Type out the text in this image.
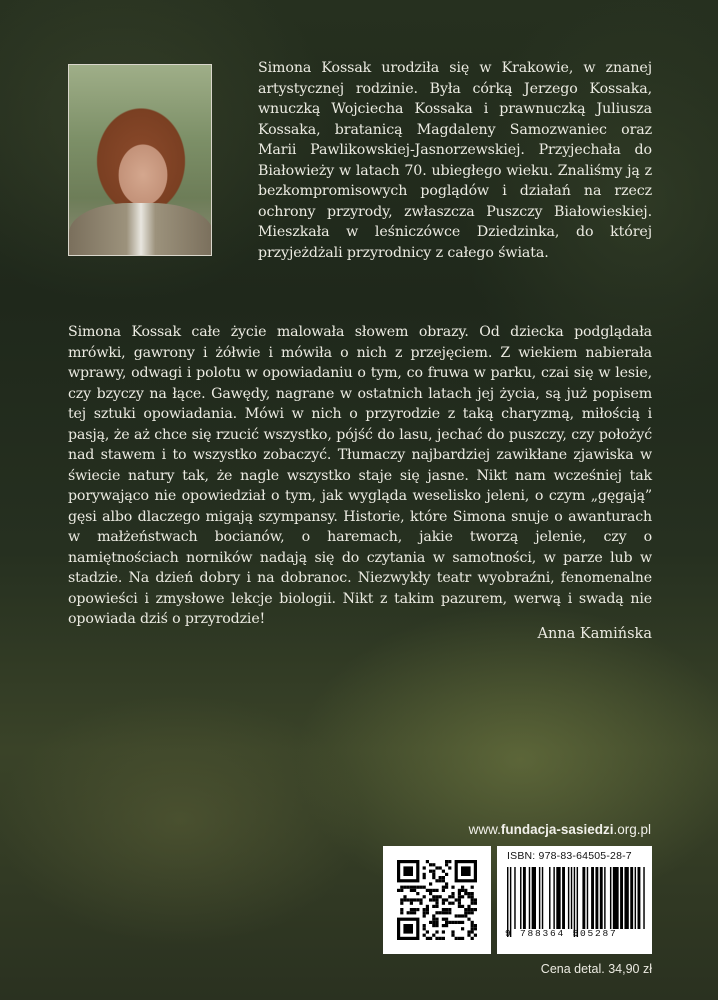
Simona Kossak urodziła się w Krakowie, w znanej artystycznej rodzinie. Była córką Jerzego Kossaka, wnuczką Wojciecha Kossaka i prawnuczką Juliusza Kossaka, bratanicą Magdaleny Samozwaniec oraz Marii Pawlikowskiej-Jasnorzewskiej. Przyjechała do Białowieży w latach 70. ubiegłego wieku. Znaliśmy ją z bezkompromisowych poglądów i działań na rzecz ochrony przyrody, zwłaszcza Puszczy Białowieskiej. Mieszkała w leśniczówce Dziedzinka, do której przyjeżdżali przyrodnicy z całego świata.

Simona Kossak całe życie malowała słowem obrazy. Od dziecka podglądała mrówki, gawrony i żółwie i mówiła o nich z przejęciem. Z wiekiem nabierała wprawy, odwagi i polotu w opowiadaniu o tym, co fruwa w parku, czai się w lesie, czy bzyczy na łące. Gawędy, nagrane w ostatnich latach jej życia, są już popisem tej sztuki opowiadania. Mówi w nich o przyrodzie z taką charyzmą, miłością i pasją, że aż chce się rzucić wszystko, pójść do lasu, jechać do puszczy, czy położyć nad stawem i to wszystko zobaczyć. Tłumaczy najbardziej zawikłane zjawiska w świecie natury tak, że nagle wszystko staje się jasne. Nikt nam wcześniej tak porywająco nie opowiedział o tym, jak wygląda weselisko jeleni, o czym „gęgają” gęsi albo dlaczego migają szympansy. Historie, które Simona snuje o awanturach w małżeństwach bocianów, o haremach, jakie tworzą jelenie, czy o namiętnościach norników nadają się do czytania w samotności, w parze lub w stadzie. Na dzień dobry i na dobranoc. Niezwykły teatr wyobraźni, fenomenalne opowieści i zmysłowe lekcje biologii. Nikt z takim pazurem, werwą i swadą nie opowiada dziś o przyrodzie!

Anna Kamińska
www.fundacja-sasiedzi.org.pl
ISBN: 978-83-64505-28-7
9 788364 505287
Cena detal. 34,90 zł
